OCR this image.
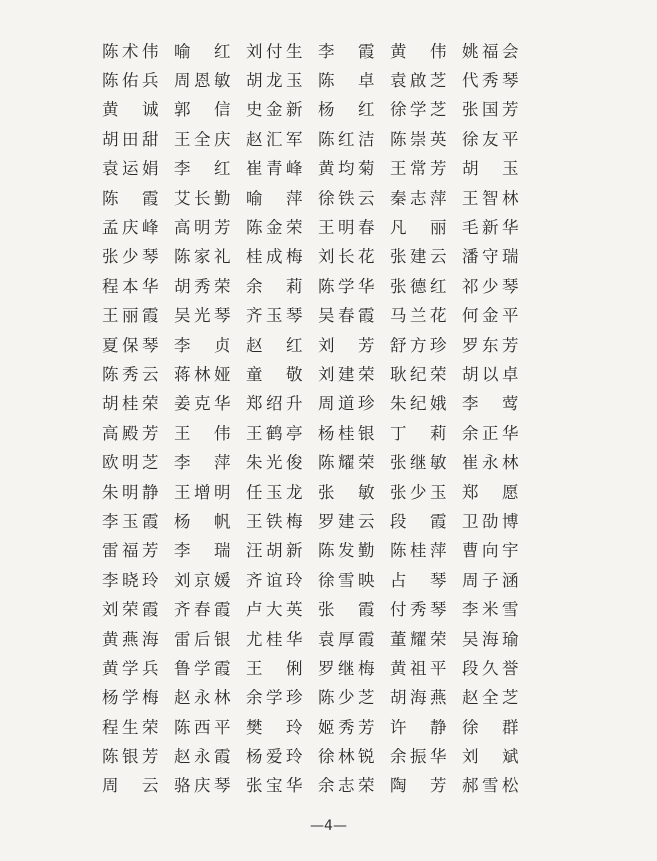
陈术伟 喻 红 刘付生 李 霞 黄 伟 姚福会
陈佑兵 周恩敏 胡龙玉 陈 卓 袁啟芝 代秀琴
黄 诚 郭 信 史金新 杨 红 徐学芝 张国芳
胡田甜 王全庆 赵汇军 陈红洁 陈崇英 徐友平
袁运娟 李 红 崔青峰 黄均菊 王常芳 胡 玉
陈 霞 艾长勤 喻 萍 徐铁云 秦志萍 王智林
孟庆峰 高明芳 陈金荣 王明春 凡 丽 毛新华
张少琴 陈家礼 桂成梅 刘长花 张建云 潘守瑞
程本华 胡秀荣 余 莉 陈学华 张德红 祁少琴
王丽霞 吴光琴 齐玉琴 吴春霞 马兰花 何金平
夏保琴 李 贞 赵 红 刘 芳 舒方珍 罗东芳
陈秀云 蒋林娅 童 敬 刘建荣 耿纪荣 胡以卓
胡桂荣 姜克华 郑绍升 周道珍 朱纪娥 李 莺
高殿芳 王 伟 王鹤亭 杨桂银 丁 莉 余正华
欧明芝 李 萍 朱光俊 陈耀荣 张继敏 崔永林
朱明静 王增明 任玉龙 张 敏 张少玉 郑 愿
李玉霞 杨 帆 王铁梅 罗建云 段 霞 卫劭博
雷福芳 李 瑞 汪胡新 陈发勤 陈桂萍 曹向宇
李晓玲 刘京媛 齐谊玲 徐雪映 占 琴 周子涵
刘荣霞 齐春霞 卢大英 张 霞 付秀琴 李米雪
黄燕海 雷后银 尤桂华 袁厚霞 董耀荣 吴海瑜
黄学兵 鲁学霞 王 俐 罗继梅 黄祖平 段久誉
杨学梅 赵永林 余学珍 陈少芝 胡海燕 赵全芝
程生荣 陈西平 樊 玲 姬秀芳 许 静 徐 群
陈银芳 赵永霞 杨爱玲 徐林锐 余振华 刘 斌
周 云 骆庆琴 张宝华 余志荣 陶 芳 郝雪松
—4—
